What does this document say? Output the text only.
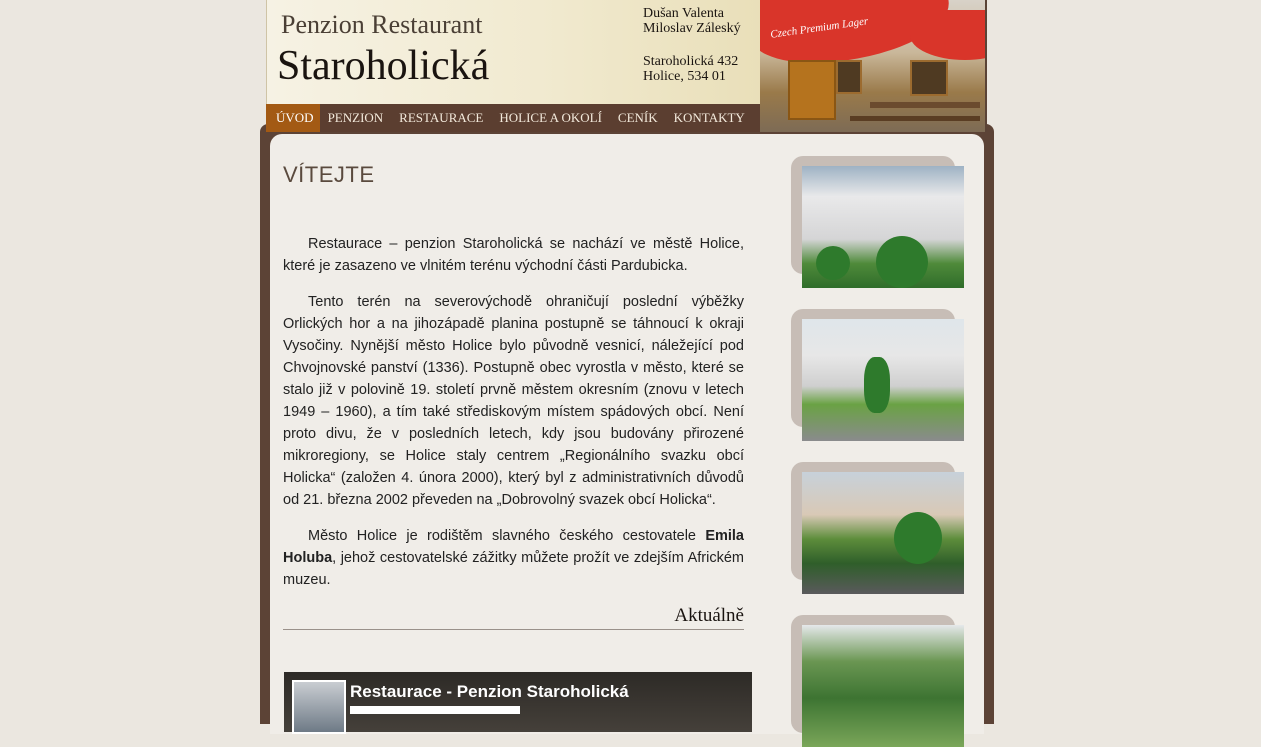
VÍTEJTE

Restaurace – penzion Staroholická se nachází ve městě Holice, které je zasazeno ve vlnitém terénu východní části Pardubicka.

Tento terén na severovýchodě ohraničují poslední výběžky Orlických hor a na jihozápadě planina postupně se táhnoucí k okraji Vysočiny. Nynější město Holice bylo původně vesnicí, náležející pod Chvojnovské panství (1336). Postupně obec vyrostla v město, které se stalo již v polovině 19. století prvně městem okresním (znovu v letech 1949 – 1960), a tím také střediskovým místem spádových obcí. Není proto divu, že v posledních letech, kdy jsou budovány přirozené mikroregiony, se Holice staly centrem „Regionálního svazku obcí Holicka“ (založen 4. února 2000), který byl z administrativních důvodů od 21. března 2002 převeden na „Dobrovolný svazek obcí Holicka“.

Město Holice je rodištěm slavného českého cestovatele Emila Holuba, jehož cestovatelské zážitky můžete prožít ve zdejším Africkém muzeu.

Aktuálně
Restaurace - Penzion Staroholická
Penzion Restaurant
Staroholická
Dušan Valenta
Miloslav Záleský
Staroholická 432
Holice, 534 01
Czech Premium Lager
ÚVOD	PENZION	RESTAURACE	HOLICE A OKOLÍ	CENÍK	KONTAKTY
